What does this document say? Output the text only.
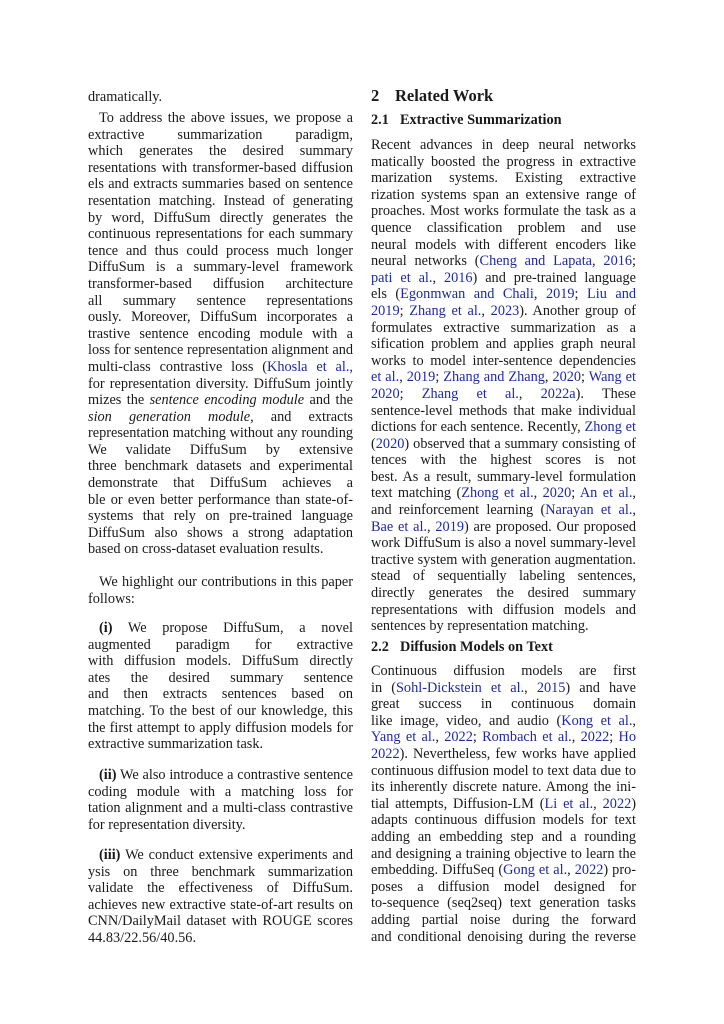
dramatically.
To address the above issues, we propose a
extractive summarization paradigm,
which generates the desired summary
resentations with transformer-based diffusion
els and extracts summaries based on sentence
resentation matching. Instead of generating
by word, DiffuSum directly generates the
continuous representations for each summary
tence and thus could process much longer
DiffuSum is a summary-level framework
transformer-based diffusion architecture
all summary sentence representations
ously. Moreover, DiffuSum incorporates a
trastive sentence encoding module with a
loss for sentence representation alignment and
multi-class contrastive loss (Khosla et al.,
for representation diversity. DiffuSum jointly
mizes the sentence encoding module and the
sion generation module, and extracts
representation matching without any rounding
We validate DiffuSum by extensive
three benchmark datasets and experimental
demonstrate that DiffuSum achieves a
ble or even better performance than state-of-
systems that rely on pre-trained language
DiffuSum also shows a strong adaptation
based on cross-dataset evaluation results.
We highlight our contributions in this paper
follows:
(i) We propose DiffuSum, a novel
augmented paradigm for extractive
with diffusion models. DiffuSum directly
ates the desired summary sentence
and then extracts sentences based on
matching. To the best of our knowledge, this
the first attempt to apply diffusion models for
extractive summarization task.
(ii) We also introduce a contrastive sentence
coding module with a matching loss for
tation alignment and a multi-class contrastive
for representation diversity.
(iii) We conduct extensive experiments and
ysis on three benchmark summarization
validate the effectiveness of DiffuSum.
achieves new extractive state-of-art results on
CNN/DailyMail dataset with ROUGE scores
44.83/22.56/40.56.
2 Related Work
2.1 Extractive Summarization
Recent advances in deep neural networks
matically boosted the progress in extractive
marization systems. Existing extractive
rization systems span an extensive range of
proaches. Most works formulate the task as a
quence classification problem and use
neural models with different encoders like
neural networks (Cheng and Lapata, 2016;
pati et al., 2016) and pre-trained language
els (Egonmwan and Chali, 2019; Liu and
2019; Zhang et al., 2023). Another group of
formulates extractive summarization as a
sification problem and applies graph neural
works to model inter-sentence dependencies
et al., 2019; Zhang and Zhang, 2020; Wang et
2020; Zhang et al., 2022a). These
sentence-level methods that make individual
dictions for each sentence. Recently, Zhong et
(2020) observed that a summary consisting of
tences with the highest scores is not
best. As a result, summary-level formulation
text matching (Zhong et al., 2020; An et al.,
and reinforcement learning (Narayan et al.,
Bae et al., 2019) are proposed. Our proposed
work DiffuSum is also a novel summary-level
tractive system with generation augmentation.
stead of sequentially labeling sentences,
directly generates the desired summary
representations with diffusion models and
sentences by representation matching.
2.2 Diffusion Models on Text
Continuous diffusion models are first
in (Sohl-Dickstein et al., 2015) and have
great success in continuous domain
like image, video, and audio (Kong et al.,
Yang et al., 2022; Rombach et al., 2022; Ho
2022). Nevertheless, few works have applied
continuous diffusion model to text data due to
its inherently discrete nature. Among the ini-
tial attempts, Diffusion-LM (Li et al., 2022)
adapts continuous diffusion models for text
adding an embedding step and a rounding
and designing a training objective to learn the
embedding. DiffuSeq (Gong et al., 2022) pro-
poses a diffusion model designed for
to-sequence (seq2seq) text generation tasks
adding partial noise during the forward
and conditional denoising during the reverse
